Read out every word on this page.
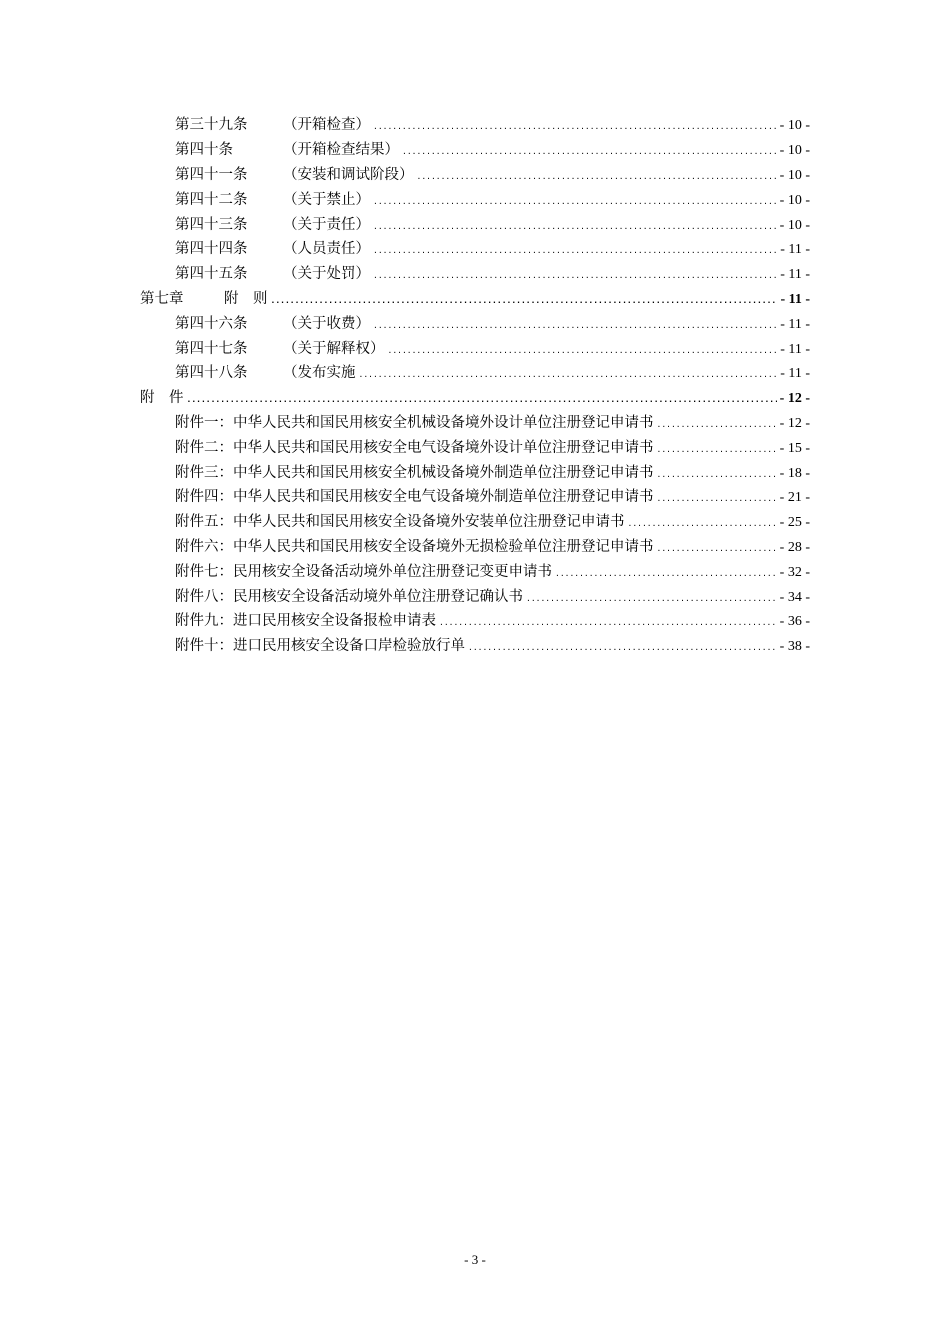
第三十九条 （开箱检查） .....	- 10 -
第四十条	（开箱检查结果） .....	- 10 -
第四十一条 （安装和调试阶段） .....	- 10 -
第四十二条 （关于禁止） .....	- 10 -
第四十三条 （关于责任） .....	- 10 -
第四十四条 （人员责任） .....	- 11 -
第四十五条 （关于处罚） .....	- 11 -
第七章	附　则 .....	- 11 -
第四十六条 （关于收费） .....	- 11 -
第四十七条 （关于解释权） .....	- 11 -
第四十八条 （发布实施 .....	- 11 -
附　件 .....	- 12 -
附件一：中华人民共和国民用核安全机械设备境外设计单位注册登记申请书 .....	- 12 -
附件二：中华人民共和国民用核安全电气设备境外设计单位注册登记申请书 .....	- 15 -
附件三：中华人民共和国民用核安全机械设备境外制造单位注册登记申请书 .....	- 18 -
附件四：中华人民共和国民用核安全电气设备境外制造单位注册登记申请书 .....	- 21 -
附件五：中华人民共和国民用核安全设备境外安装单位注册登记申请书 .....	- 25 -
附件六：中华人民共和国民用核安全设备境外无损检验单位注册登记申请书 .....	- 28 -
附件七：民用核安全设备活动境外单位注册登记变更申请书 .....	- 32 -
附件八：民用核安全设备活动境外单位注册登记确认书 .....	- 34 -
附件九：进口民用核安全设备报检申请表 .....	- 36 -
附件十：进口民用核安全设备口岸检验放行单 .....	- 38 -
- 3 -
